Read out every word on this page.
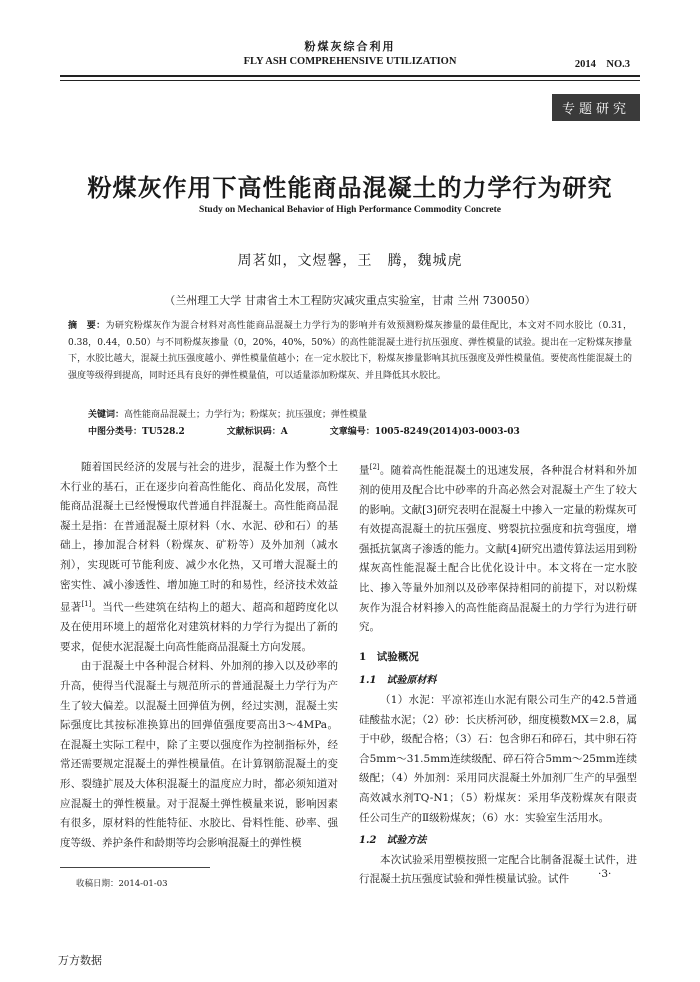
粉煤灰综合利用
FLY ASH COMPREHENSIVE UTILIZATION	2014　NO.3
专题研究
粉煤灰作用下高性能商品混凝土的力学行为研究
Study on Mechanical Behavior of High Performance Commodity Concrete
周茗如，文煜馨，王　腾，魏城虎
（兰州理工大学 甘肃省土木工程防灾减灾重点实验室，甘肃 兰州 730050）
摘　要：为研究粉煤灰作为混合材料对高性能商品混凝土力学行为的影响并有效预测粉煤灰掺量的最佳配比，本文对不同水胶比（0.31，0.38，0.44，0.50）与不同粉煤灰掺量（0，20%，40%，50%）的高性能混凝土进行抗压强度、弹性模量的试验。提出在一定粉煤灰掺量下，水胶比越大，混凝土抗压强度越小、弹性模量值越小；在一定水胶比下，粉煤灰掺量影响其抗压强度及弹性模量值。要使高性能混凝土的强度等级得到提高，同时还具有良好的弹性模量值，可以适量添加粉煤灰、并且降低其水胶比。
关键词：高性能商品混凝土；力学行为；粉煤灰；抗压强度；弹性模量
中图分类号：TU528.2	文献标识码：A	文章编号：1005-8249(2014)03-0003-03

随着国民经济的发展与社会的进步，混凝土作为整个土木行业的基石，正在逐步向着高性能化、商品化发展，高性能商品混凝土已经慢慢取代普通自拌混凝土。高性能商品混凝土是指：在普通混凝土原材料（水、水泥、砂和石）的基础上，掺加混合材料（粉煤灰、矿粉等）及外加剂（减水剂），实现既可节能利废、减少水化热，又可增大混凝土的密实性、减小渗透性、增加施工时的和易性，经济技术效益显著[1]。当代一些建筑在结构上的超大、超高和超跨度化以及在使用环境上的超常化对建筑材料的力学行为提出了新的要求，促使水泥混凝土向高性能商品混凝土方向发展。

由于混凝土中各种混合材料、外加剂的掺入以及砂率的升高，使得当代混凝土与规范所示的普通混凝土力学行为产生了较大偏差。以混凝土回弹值为例，经过实测，混凝土实际强度比其按标准换算出的回弹值强度要高出3～4MPa。在混凝土实际工程中，除了主要以强度作为控制指标外，经常还需要规定混凝土的弹性模量值。在计算钢筋混凝土的变形、裂缝扩展及大体积混凝土的温度应力时，都必须知道对应混凝土的弹性模量。对于混凝土弹性模量来说，影响因素有很多，原材料的性能特征、水胶比、骨料性能、砂率、强度等级、养护条件和龄期等均会影响混凝土的弹性模

量[2]。随着高性能混凝土的迅速发展，各种混合材料和外加剂的使用及配合比中砂率的升高必然会对混凝土产生了较大的影响。文献[3]研究表明在混凝土中掺入一定量的粉煤灰可有效提高混凝土的抗压强度、劈裂抗拉强度和抗弯强度，增强抵抗氯离子渗透的能力。文献[4]研究出遗传算法运用到粉煤灰高性能混凝土配合比优化设计中。本文将在一定水胶比、掺入等量外加剂以及砂率保持相同的前提下，对以粉煤灰作为混合材料掺入的高性能商品混凝土的力学行为进行研究。

1　试验概况
1.1　试验原材料

（1）水泥：平凉祁连山水泥有限公司生产的42.5普通硅酸盐水泥；（2）砂：长庆桥河砂，细度模数MX＝2.8，属于中砂，级配合格；（3）石：包含卵石和碎石，其中卵石符合5mm～31.5mm连续级配、碎石符合5mm～25mm连续级配；（4）外加剂：采用同庆混凝土外加剂厂生产的早强型高效减水剂TQ-N1；（5）粉煤灰：采用华茂粉煤灰有限责任公司生产的Ⅱ级粉煤灰；（6）水：实验室生活用水。

1.2　试验方法

本次试验采用塑模按照一定配合比制备混凝土试件，进行混凝土抗压强度试验和弹性模量试验。试件

收稿日期：2014-01-03
·3·
万方数据
